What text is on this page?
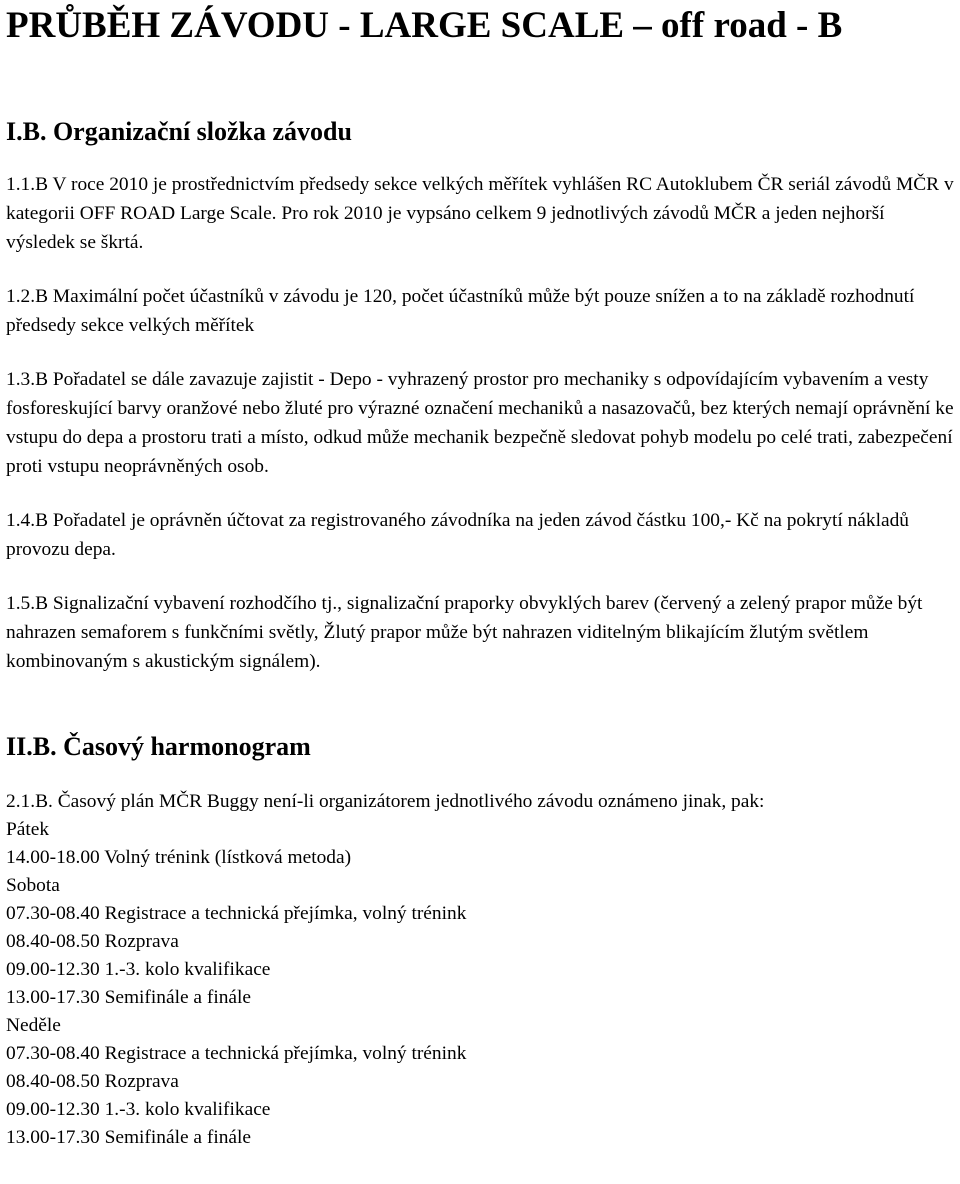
PRŮBĚH ZÁVODU - LARGE SCALE – off road - B
I.B. Organizační složka závodu

1.1.B V roce 2010 je prostřednictvím předsedy sekce velkých měřítek vyhlášen RC Autoklubem ČR seriál závodů MČR v kategorii OFF ROAD Large Scale. Pro rok 2010 je vypsáno celkem 9 jednotlivých závodů MČR a jeden nejhorší výsledek se škrtá.

1.2.B Maximální počet účastníků v závodu je 120, počet účastníků může být pouze snížen a to na základě rozhodnutí předsedy sekce velkých měřítek

1.3.B Pořadatel se dále zavazuje zajistit - Depo - vyhrazený prostor pro mechaniky s odpovídajícím vybavením a vesty fosforeskující barvy oranžové nebo žluté pro výrazné označení mechaniků a nasazovačů, bez kterých nemají oprávnění ke vstupu do depa a prostoru trati a místo, odkud může mechanik bezpečně sledovat pohyb modelu po celé trati, zabezpečení proti vstupu neoprávněných osob.

1.4.B Pořadatel je oprávněn účtovat za registrovaného závodníka na jeden závod částku 100,- Kč na pokrytí nákladů provozu depa.

1.5.B Signalizační vybavení rozhodčího tj., signalizační praporky obvyklých barev (červený a zelený prapor může být nahrazen semaforem s funkčními světly, Žlutý prapor může být nahrazen viditelným blikajícím žlutým světlem kombinovaným s akustickým signálem).

II.B. Časový harmonogram

2.1.B. Časový plán MČR Buggy není-li organizátorem jednotlivého závodu oznámeno jinak, pak:

Pátek
14.00-18.00 Volný trénink (lístková metoda)
Sobota
07.30-08.40 Registrace a technická přejímka, volný trénink
08.40-08.50 Rozprava
09.00-12.30 1.-3. kolo kvalifikace
13.00-17.30 Semifinále a finále
Neděle
07.30-08.40 Registrace a technická přejímka, volný trénink
08.40-08.50 Rozprava
09.00-12.30 1.-3. kolo kvalifikace
13.00-17.30 Semifinále a finále
